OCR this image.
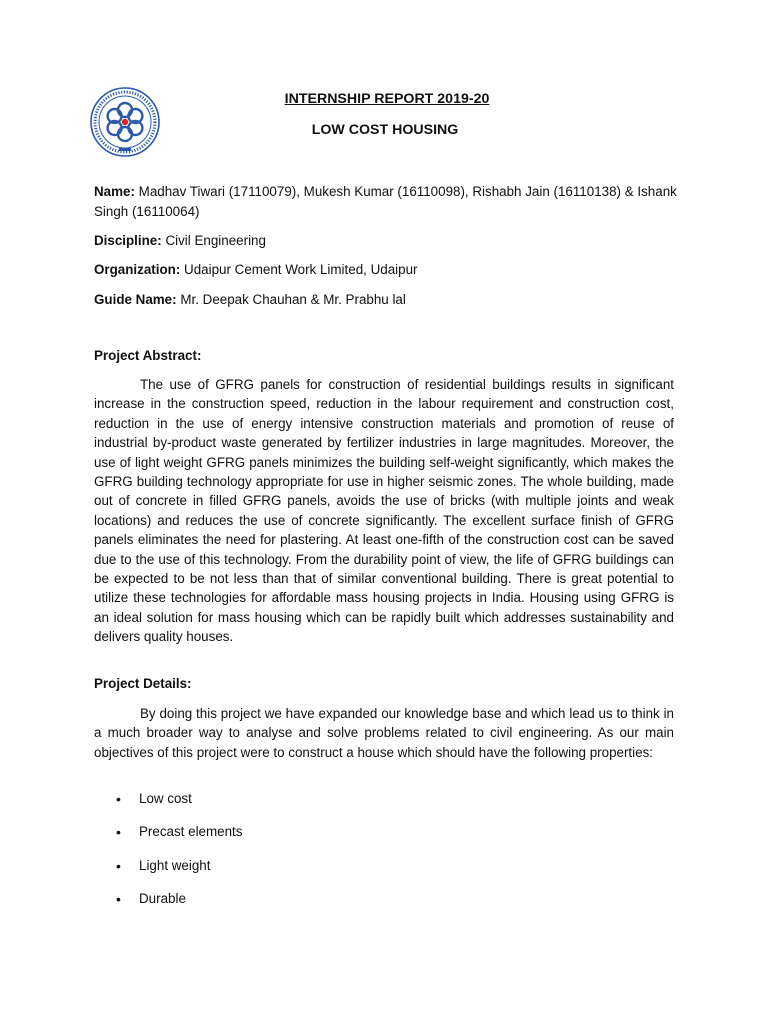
INTERNSHIP REPORT 2019-20
LOW COST HOUSING
Name: Madhav Tiwari (17110079), Mukesh Kumar (16110098), Rishabh Jain (16110138) & Ishank Singh (16110064)
Discipline: Civil Engineering
Organization: Udaipur Cement Work Limited, Udaipur
Guide Name: Mr. Deepak Chauhan & Mr. Prabhu lal
Project Abstract:
The use of GFRG panels for construction of residential buildings results in significant increase in the construction speed, reduction in the labour requirement and construction cost, reduction in the use of energy intensive construction materials and promotion of reuse of industrial by-product waste generated by fertilizer industries in large magnitudes. Moreover, the use of light weight GFRG panels minimizes the building self-weight significantly, which makes the GFRG building technology appropriate for use in higher seismic zones. The whole building, made out of concrete in filled GFRG panels, avoids the use of bricks (with multiple joints and weak locations) and reduces the use of concrete significantly. The excellent surface finish of GFRG panels eliminates the need for plastering. At least one-fifth of the construction cost can be saved due to the use of this technology. From the durability point of view, the life of GFRG buildings can be expected to be not less than that of similar conventional building. There is great potential to utilize these technologies for affordable mass housing projects in India. Housing using GFRG is an ideal solution for mass housing which can be rapidly built which addresses sustainability and delivers quality houses.
Project Details:
By doing this project we have expanded our knowledge base and which lead us to think in a much broader way to analyse and solve problems related to civil engineering. As our main objectives of this project were to construct a house which should have the following properties:
• Low cost
• Precast elements
• Light weight
• Durable
